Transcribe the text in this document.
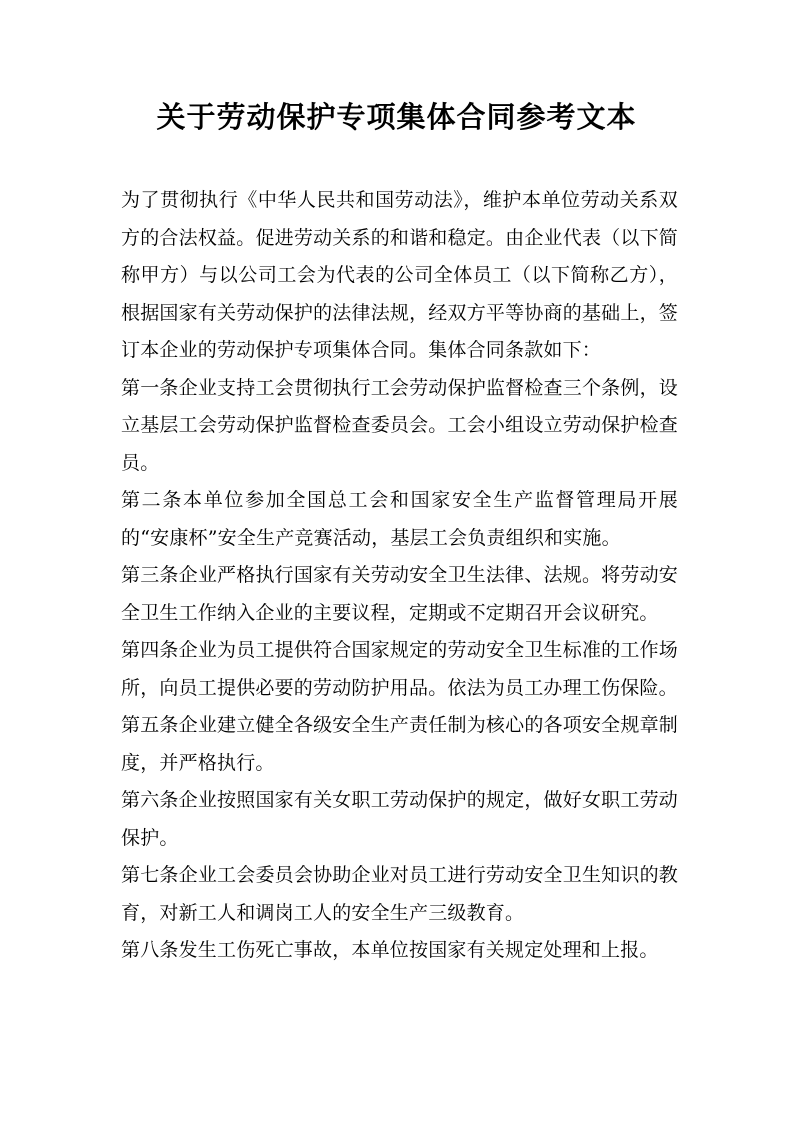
关于劳动保护专项集体合同参考文本

为了贯彻执行《中华人民共和国劳动法》，维护本单位劳动关系双方的合法权益。促进劳动关系的和谐和稳定。由企业代表（以下简称甲方）与以公司工会为代表的公司全体员工（以下简称乙方），根据国家有关劳动保护的法律法规，经双方平等协商的基础上，签订本企业的劳动保护专项集体合同。集体合同条款如下：

第一条企业支持工会贯彻执行工会劳动保护监督检查三个条例，设立基层工会劳动保护监督检查委员会。工会小组设立劳动保护检查员。

第二条本单位参加全国总工会和国家安全生产监督管理局开展的“安康杯”安全生产竞赛活动，基层工会负责组织和实施。

第三条企业严格执行国家有关劳动安全卫生法律、法规。将劳动安全卫生工作纳入企业的主要议程，定期或不定期召开会议研究。

第四条企业为员工提供符合国家规定的劳动安全卫生标准的工作场所，向员工提供必要的劳动防护用品。依法为员工办理工伤保险。

第五条企业建立健全各级安全生产责任制为核心的各项安全规章制度，并严格执行。

第六条企业按照国家有关女职工劳动保护的规定，做好女职工劳动保护。

第七条企业工会委员会协助企业对员工进行劳动安全卫生知识的教育，对新工人和调岗工人的安全生产三级教育。

第八条发生工伤死亡事故，本单位按国家有关规定处理和上报。
